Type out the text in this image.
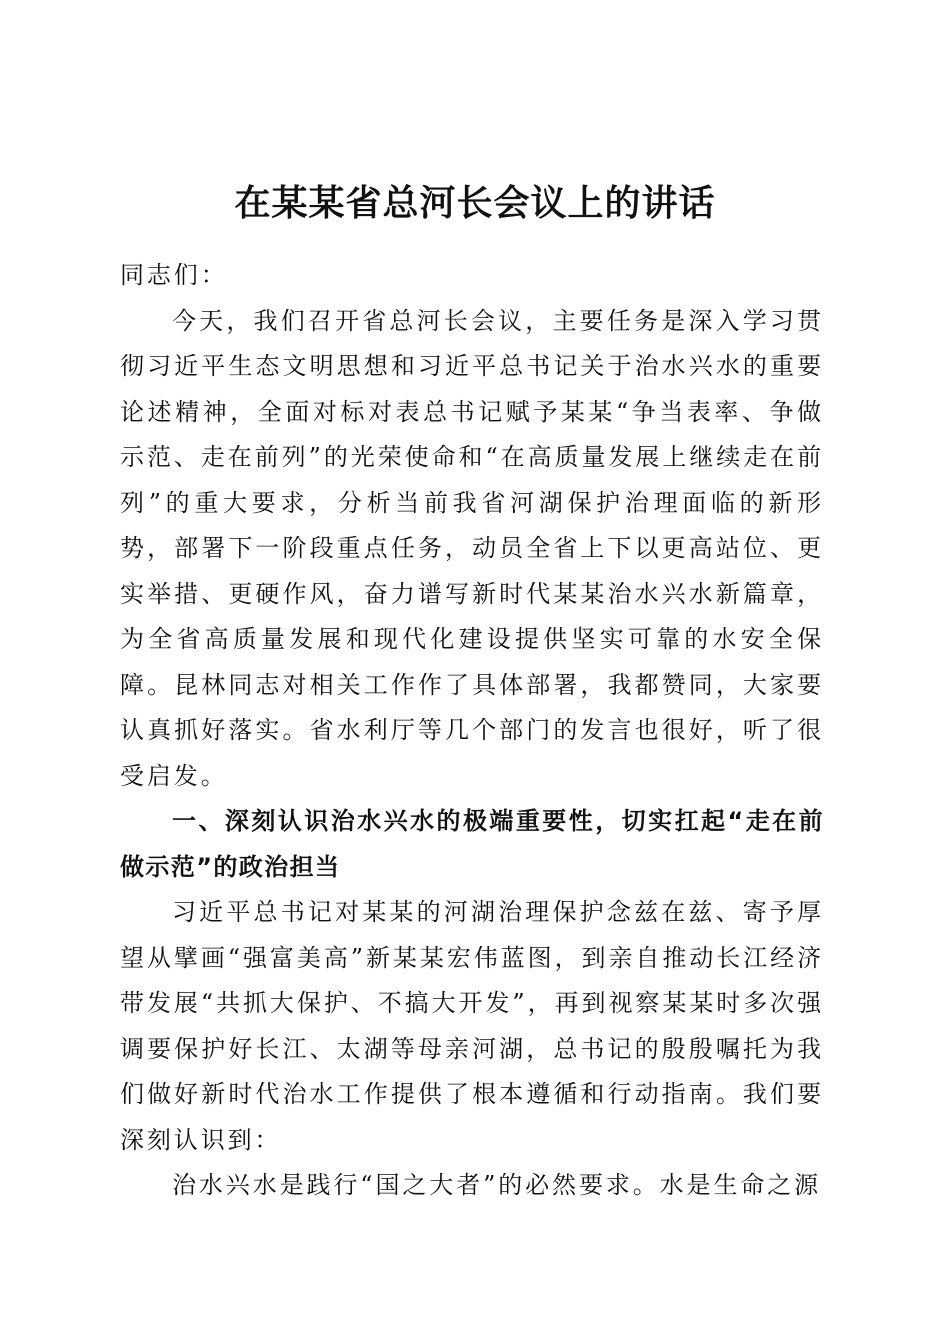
在某某省总河长会议上的讲话

同志们：

今天，我们召开省总河长会议，主要任务是深入学习贯彻习近平生态文明思想和习近平总书记关于治水兴水的重要论述精神，全面对标对表总书记赋予某某“争当表率、争做示范、走在前列”的光荣使命和“在高质量发展上继续走在前列”的重大要求，分析当前我省河湖保护治理面临的新形势，部署下一阶段重点任务，动员全省上下以更高站位、更实举措、更硬作风，奋力谱写新时代某某治水兴水新篇章，为全省高质量发展和现代化建设提供坚实可靠的水安全保障。昆林同志对相关工作作了具体部署，我都赞同，大家要认真抓好落实。省水利厅等几个部门的发言也很好，听了很受启发。

一、深刻认识治水兴水的极端重要性，切实扛起“走在前做示范”的政治担当

习近平总书记对某某的河湖治理保护念兹在兹、寄予厚望从擘画“强富美高”新某某宏伟蓝图，到亲自推动长江经济带发展“共抓大保护、不搞大开发”，再到视察某某时多次强调要保护好长江、太湖等母亲河湖，总书记的殷殷嘱托为我们做好新时代治水工作提供了根本遵循和行动指南。我们要深刻认识到：

治水兴水是践行“国之大者”的必然要求。水是生命之源
